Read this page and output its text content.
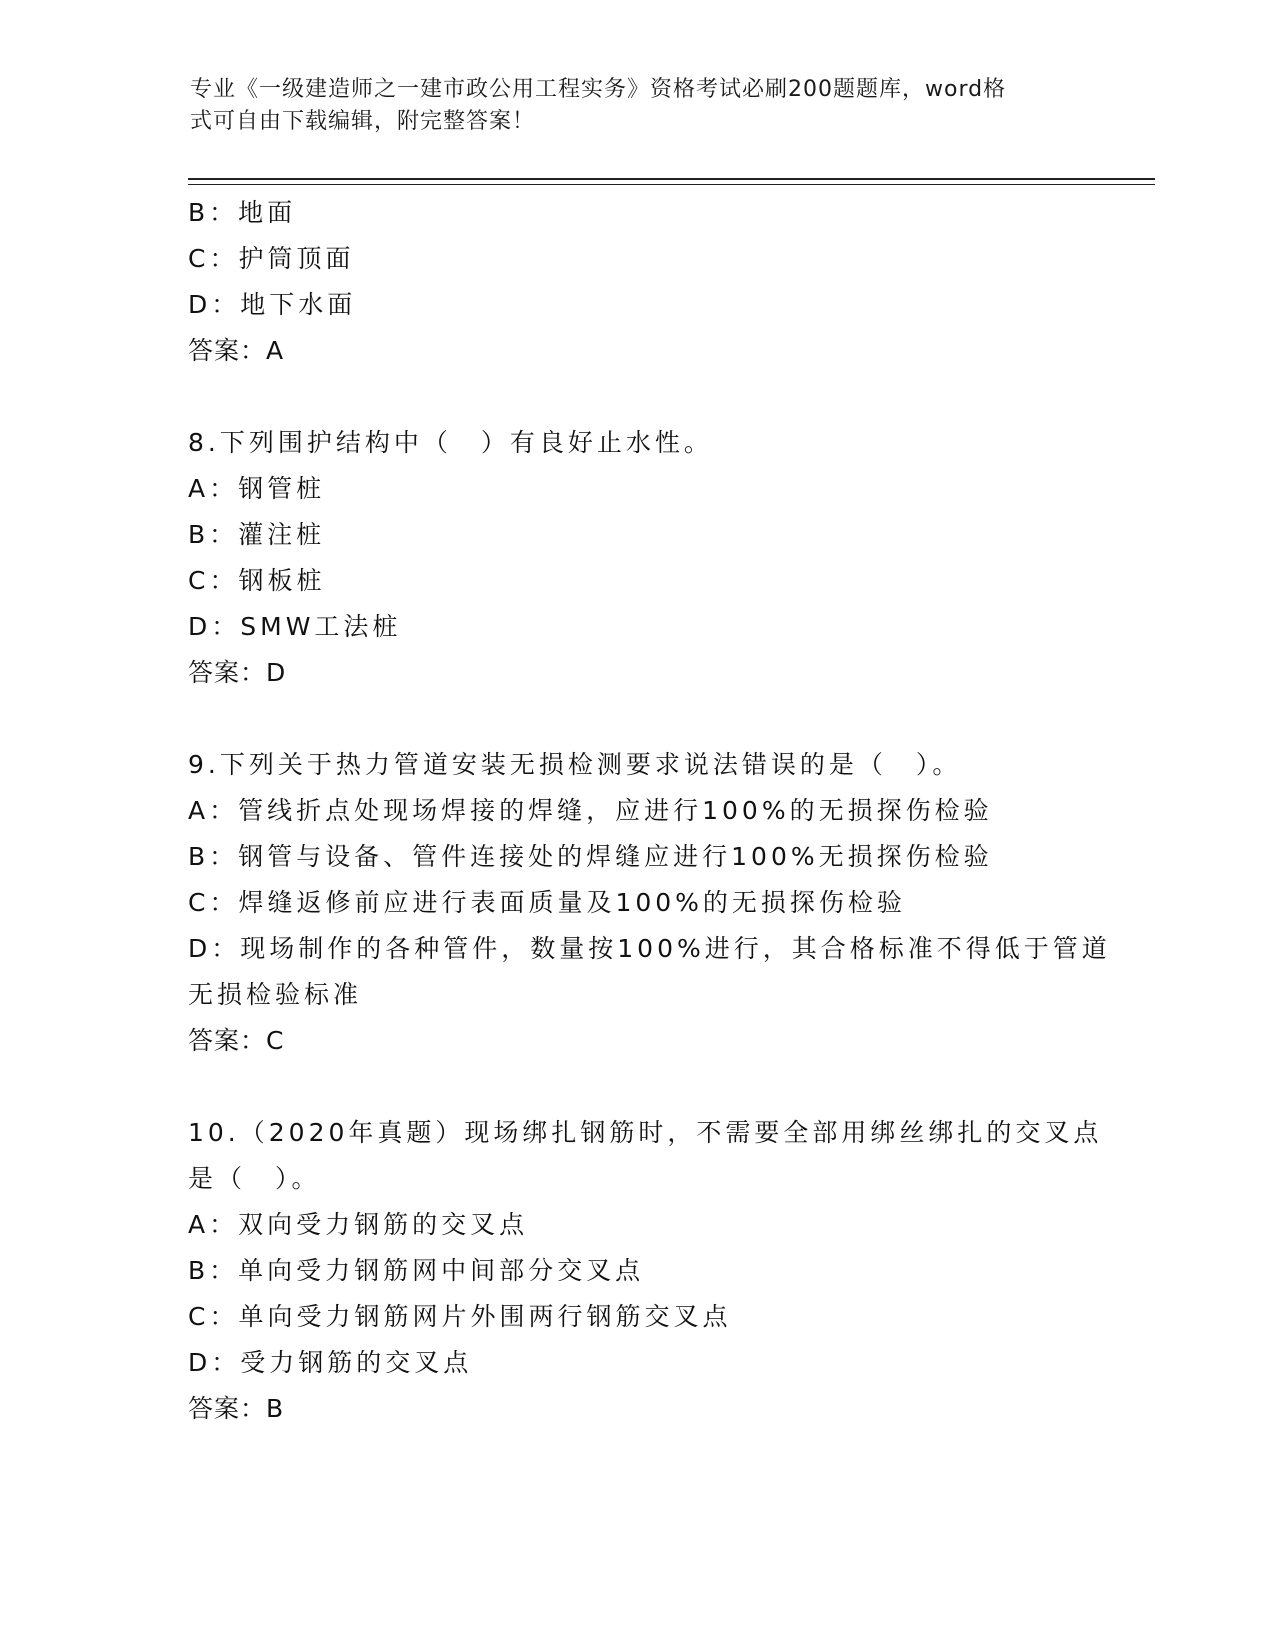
专业《一级建造师之一建市政公用工程实务》资格考试必刷200题题库，word格
式可自由下载编辑，附完整答案！
B：地面
C：护筒顶面
D：地下水面
答案：A
8.下列围护结构中（　）有良好止水性。
A：钢管桩
B：灌注桩
C：钢板桩
D：SMW工法桩
答案：D
9.下列关于热力管道安装无损检测要求说法错误的是（　）。
A：管线折点处现场焊接的焊缝，应进行100%的无损探伤检验
B：钢管与设备、管件连接处的焊缝应进行100%无损探伤检验
C：焊缝返修前应进行表面质量及100%的无损探伤检验
D：现场制作的各种管件，数量按100%进行，其合格标准不得低于管道
无损检验标准
答案：C
10.（2020年真题）现场绑扎钢筋时，不需要全部用绑丝绑扎的交叉点
是（　）。
A：双向受力钢筋的交叉点
B：单向受力钢筋网中间部分交叉点
C：单向受力钢筋网片外围两行钢筋交叉点
D：受力钢筋的交叉点
答案：B
